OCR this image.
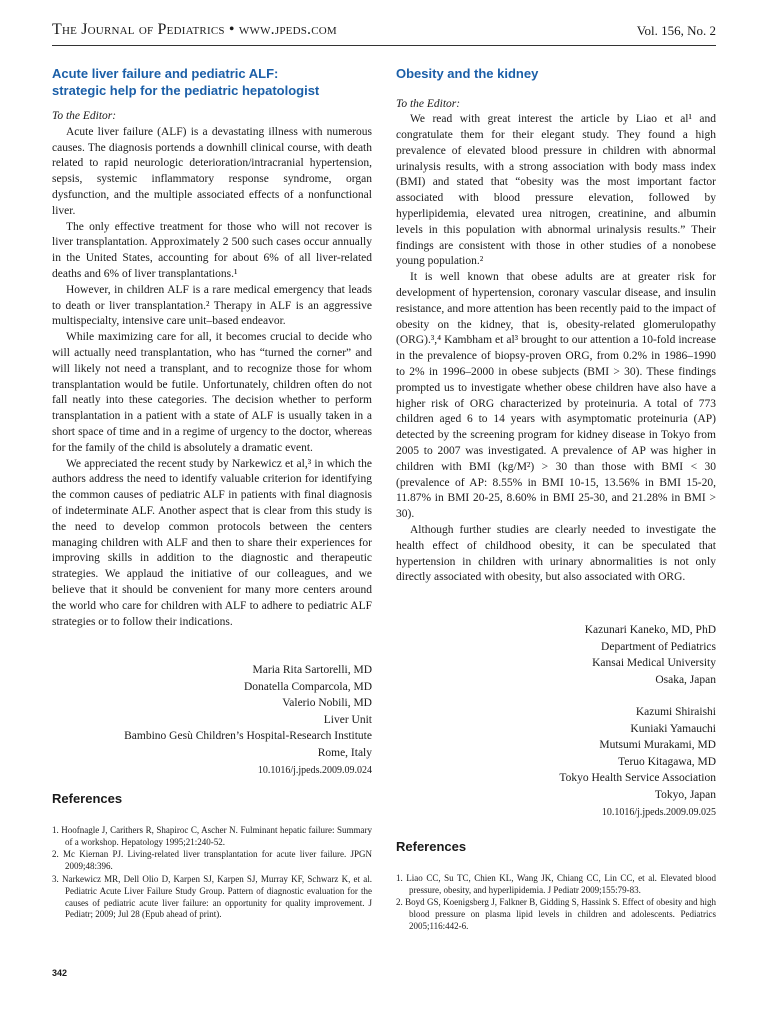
The Journal of Pediatrics • www.jpeds.com	Vol. 156, No. 2
Acute liver failure and pediatric ALF:
strategic help for the pediatric hepatologist

To the Editor:

Acute liver failure (ALF) is a devastating illness with numerous causes. The diagnosis portends a downhill clinical course, with death related to rapid neurologic deterioration/intracranial hypertension, sepsis, systemic inflammatory response syndrome, organ dysfunction, and the multiple associated effects of a nonfunctional liver.

The only effective treatment for those who will not recover is liver transplantation. Approximately 2 500 such cases occur annually in the United States, accounting for about 6% of all liver-related deaths and 6% of liver transplantations.¹

However, in children ALF is a rare medical emergency that leads to death or liver transplantation.² Therapy in ALF is an aggressive multispecialty, intensive care unit–based endeavor.

While maximizing care for all, it becomes crucial to decide who will actually need transplantation, who has “turned the corner” and will likely not need a transplant, and to recognize those for whom transplantation would be futile. Unfortunately, children often do not fall neatly into these categories. The decision whether to perform transplantation in a patient with a state of ALF is usually taken in a short space of time and in a regime of urgency to the doctor, whereas for the family of the child is absolutely a dramatic event.

We appreciated the recent study by Narkewicz et al,³ in which the authors address the need to identify valuable criterion for identifying the common causes of pediatric ALF in patients with final diagnosis of indeterminate ALF. Another aspect that is clear from this study is the need to develop common protocols between the centers managing children with ALF and then to share their experiences for improving skills in addition to the diagnostic and therapeutic strategies. We applaud the initiative of our colleagues, and we believe that it should be convenient for many more centers around the world who care for children with ALF to adhere to pediatric ALF strategies or to follow their indications.

Maria Rita Sartorelli, MD

Donatella Comparcola, MD

Valerio Nobili, MD

Liver Unit

Bambino Gesù Children’s Hospital-Research Institute

Rome, Italy

10.1016/j.jpeds.2009.09.024

References
1. Hoofnagle J, Carithers R, Shapiroc C, Ascher N. Fulminant hepatic failure: Summary of a workshop. Hepatology 1995;21:240-52.
2. Mc Kiernan PJ. Living-related liver transplantation for acute liver failure. JPGN 2009;48:396.
3. Narkewicz MR, Dell Olio D, Karpen SJ, Karpen SJ, Murray KF, Schwarz K, et al. Pediatric Acute Liver Failure Study Group. Pattern of diagnostic evaluation for the causes of pediatric acute liver failure: an opportunity for quality improvement. J Pediatr; 2009; Jul 28 (Epub ahead of print).
Obesity and the kidney

To the Editor:

We read with great interest the article by Liao et al¹ and congratulate them for their elegant study. They found a high prevalence of elevated blood pressure in children with abnormal urinalysis results, with a strong association with body mass index (BMI) and stated that “obesity was the most important factor associated with blood pressure elevation, followed by hyperlipidemia, elevated urea nitrogen, creatinine, and albumin levels in this population with abnormal urinalysis results.” Their findings are consistent with those in other studies of a nonobese young population.²

It is well known that obese adults are at greater risk for development of hypertension, coronary vascular disease, and insulin resistance, and more attention has been recently paid to the impact of obesity on the kidney, that is, obesity-related glomerulopathy (ORG).³,⁴ Kambham et al³ brought to our attention a 10-fold increase in the prevalence of biopsy-proven ORG, from 0.2% in 1986–1990 to 2% in 1996–2000 in obese subjects (BMI > 30). These findings prompted us to investigate whether obese children have also have a higher risk of ORG characterized by proteinuria. A total of 773 children aged 6 to 14 years with asymptomatic proteinuria (AP) detected by the screening program for kidney disease in Tokyo from 2005 to 2007 was investigated. A prevalence of AP was higher in children with BMI (kg/M²) > 30 than those with BMI < 30 (prevalence of AP: 8.55% in BMI 10-15, 13.56% in BMI 15-20, 11.87% in BMI 20-25, 8.60% in BMI 25-30, and 21.28% in BMI > 30).

Although further studies are clearly needed to investigate the health effect of childhood obesity, it can be speculated that hypertension in children with urinary abnormalities is not only directly associated with obesity, but also associated with ORG.

Kazunari Kaneko, MD, PhD

Department of Pediatrics

Kansai Medical University

Osaka, Japan

Kazumi Shiraishi

Kuniaki Yamauchi

Mutsumi Murakami, MD

Teruo Kitagawa, MD

Tokyo Health Service Association

Tokyo, Japan

10.1016/j.jpeds.2009.09.025

References
1. Liao CC, Su TC, Chien KL, Wang JK, Chiang CC, Lin CC, et al. Elevated blood pressure, obesity, and hyperlipidemia. J Pediatr 2009;155:79-83.
2. Boyd GS, Koenigsberg J, Falkner B, Gidding S, Hassink S. Effect of obesity and high blood pressure on plasma lipid levels in children and adolescents. Pediatrics 2005;116:442-6.
342
